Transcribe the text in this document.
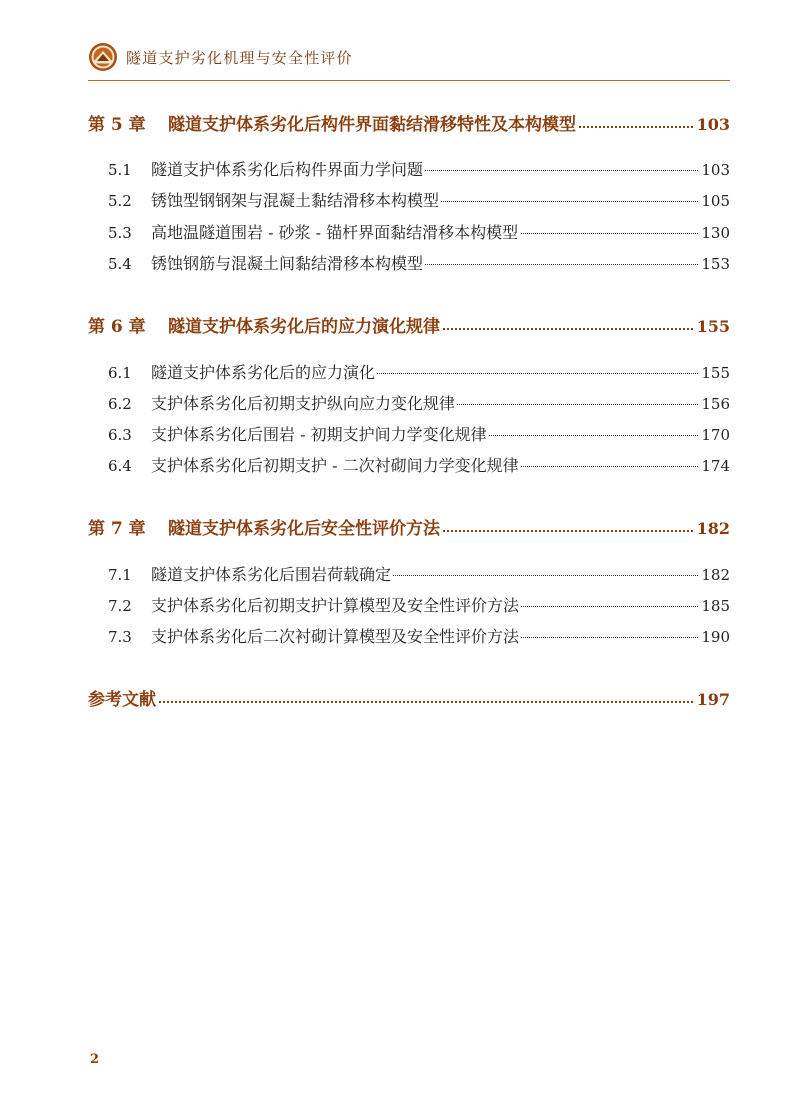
隧道支护劣化机理与安全性评价
第 5 章 隧道支护体系劣化后构件界面黏结滑移特性及本构模型	103
5.1 隧道支护体系劣化后构件界面力学问题	103
5.2 锈蚀型钢钢架与混凝土黏结滑移本构模型	105
5.3 高地温隧道围岩 - 砂浆 - 锚杆界面黏结滑移本构模型	130
5.4 锈蚀钢筋与混凝土间黏结滑移本构模型	153
第 6 章 隧道支护体系劣化后的应力演化规律	155
6.1 隧道支护体系劣化后的应力演化	155
6.2 支护体系劣化后初期支护纵向应力变化规律	156
6.3 支护体系劣化后围岩 - 初期支护间力学变化规律	170
6.4 支护体系劣化后初期支护 - 二次衬砌间力学变化规律	174
第 7 章 隧道支护体系劣化后安全性评价方法	182
7.1 隧道支护体系劣化后围岩荷载确定	182
7.2 支护体系劣化后初期支护计算模型及安全性评价方法	185
7.3 支护体系劣化后二次衬砌计算模型及安全性评价方法	190
参考文献	197
2
